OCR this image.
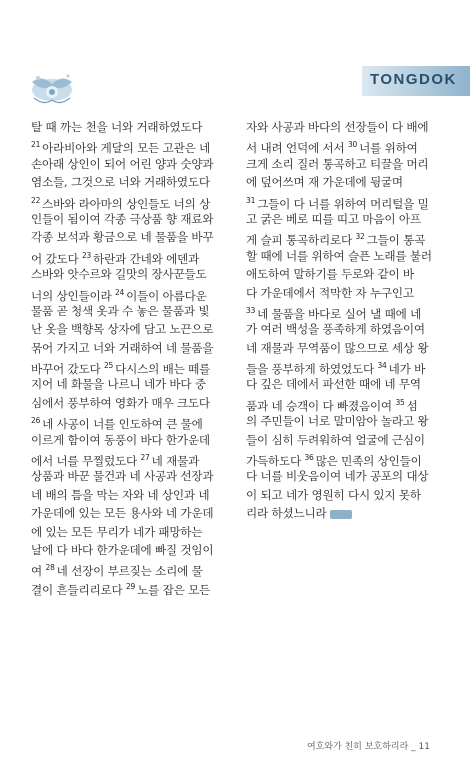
TONGDOK
탈 때 까는 천을 너와 거래하였도다
$^{21}$ 아라비아와 게달의 모든 고관은 네
손아래 상인이 되어 어린 양과 숫양과
염소들, 그것으로 너와 거래하였도다
$^{22}$ 스바와 라아마의 상인들도 너의 상
인들이 됨이여 각종 극상품 향 재료와
각종 보석과 황금으로 네 물품을 바꾸
어 갔도다 $^{23}$ 하란과 간네와 에덴과
스바와 앗수르와 길맛의 장사꾼들도
너의 상인들이라 $^{24}$ 이들이 아름다운
물품 곧 청색 옷과 수 놓은 물품과 빛
난 옷을 백향목 상자에 담고 노끈으로
묶어 가지고 너와 거래하여 네 물품을
바꾸어 갔도다 $^{25}$ 다시스의 배는 떼를
지어 네 화물을 나르니 네가 바다 중
심에서 풍부하여 영화가 매우 크도다
$^{26}$ 네 사공이 너를 인도하여 큰 물에
이르게 함이여 동풍이 바다 한가운데
에서 너를 무찔렀도다 $^{27}$ 네 재물과
상품과 바꾼 물건과 네 사공과 선장과
네 배의 틈을 막는 자와 네 상인과 네
가운데에 있는 모든 용사와 네 가운데
에 있는 모든 무리가 네가 패망하는
날에 다 바다 한가운데에 빠질 것임이
여 $^{28}$ 네 선장이 부르짖는 소리에 물
결이 흔들리리로다 $^{29}$ 노를 잡은 모든
자와 사공과 바다의 선장들이 다 배에
서 내려 언덕에 서서 $^{30}$ 너를 위하여
크게 소리 질러 통곡하고 티끌을 머리
에 덮어쓰며 재 가운데에 뒹굴며
$^{31}$ 그들이 다 너를 위하여 머리털을 밀
고 굵은 베로 띠를 띠고 마음이 아프
게 슬피 통곡하리로다 $^{32}$ 그들이 통곡
할 때에 너를 위하여 슬픈 노래를 불러
애도하여 말하기를 두로와 같이 바
다 가운데에서 적막한 자 누구인고
$^{33}$ 네 물품을 바다로 실어 낼 때에 네
가 여러 백성을 풍족하게 하였음이여
네 재물과 무역품이 많으므로 세상 왕
들을 풍부하게 하였었도다 $^{34}$ 네가 바
다 깊은 데에서 파선한 때에 네 무역
품과 네 승객이 다 빠졌음이여 $^{35}$ 섬
의 주민들이 너로 말미암아 놀라고 왕
들이 심히 두려워하여 얼굴에 근심이
가득하도다 $^{36}$ 많은 민족의 상인들이
다 너를 비웃음이여 네가 공포의 대상
이 되고 네가 영원히 다시 있지 못하
리라 하셨느니라
여호와가 친히 보호하리라 _ 11
